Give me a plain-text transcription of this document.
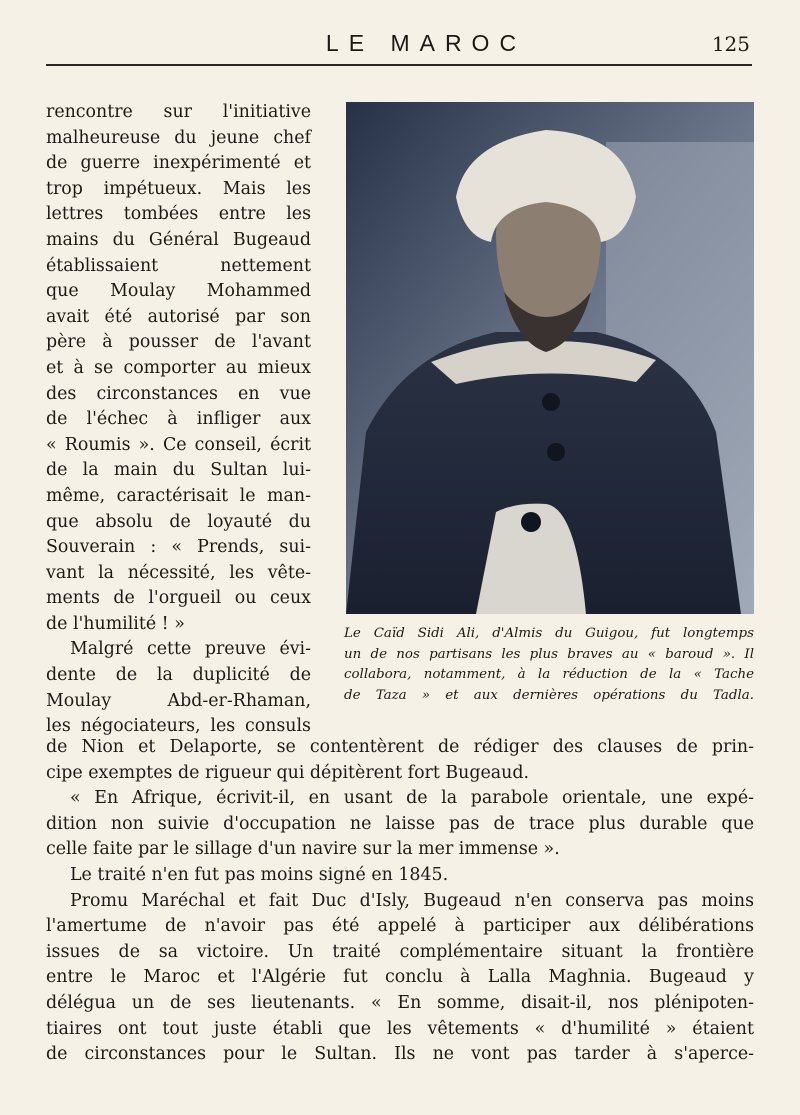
LE MAROC	125
rencontre sur l'initiative
malheureuse du jeune chef
de guerre inexpérimenté et
trop impétueux. Mais les
lettres tombées entre les
mains du Général Bugeaud
établissaient nettement
que Moulay Mohammed
avait été autorisé par son
père à pousser de l'avant
et à se comporter au mieux
des circonstances en vue
de l'échec à infliger aux
« Roumis ». Ce conseil, écrit
de la main du Sultan lui-
même, caractérisait le man-
que absolu de loyauté du
Souverain : « Prends, sui-
vant la nécessité, les vête-
ments de l'orgueil ou ceux
de l'humilité ! »
Malgré cette preuve évi-
dente de la duplicité de
Moulay Abd-er-Rhaman,
les négociateurs, les consuls
Le Caïd Sidi Ali, d'Almis du Guigou, fut longtemps
un de nos partisans les plus braves au « baroud ». Il
collabora, notamment, à la réduction de la « Tache
de Taza » et aux dernières opérations du Tadla.
de Nion et Delaporte, se contentèrent de rédiger des clauses de prin-
cipe exemptes de rigueur qui dépitèrent fort Bugeaud.
« En Afrique, écrivit-il, en usant de la parabole orientale, une expé-
dition non suivie d'occupation ne laisse pas de trace plus durable que
celle faite par le sillage d'un navire sur la mer immense ».
Le traité n'en fut pas moins signé en 1845.
Promu Maréchal et fait Duc d'Isly, Bugeaud n'en conserva pas moins
l'amertume de n'avoir pas été appelé à participer aux délibérations
issues de sa victoire. Un traité complémentaire situant la frontière
entre le Maroc et l'Algérie fut conclu à Lalla Maghnia. Bugeaud y
délégua un de ses lieutenants. « En somme, disait-il, nos plénipoten-
tiaires ont tout juste établi que les vêtements « d'humilité » étaient
de circonstances pour le Sultan. Ils ne vont pas tarder à s'aperce-
